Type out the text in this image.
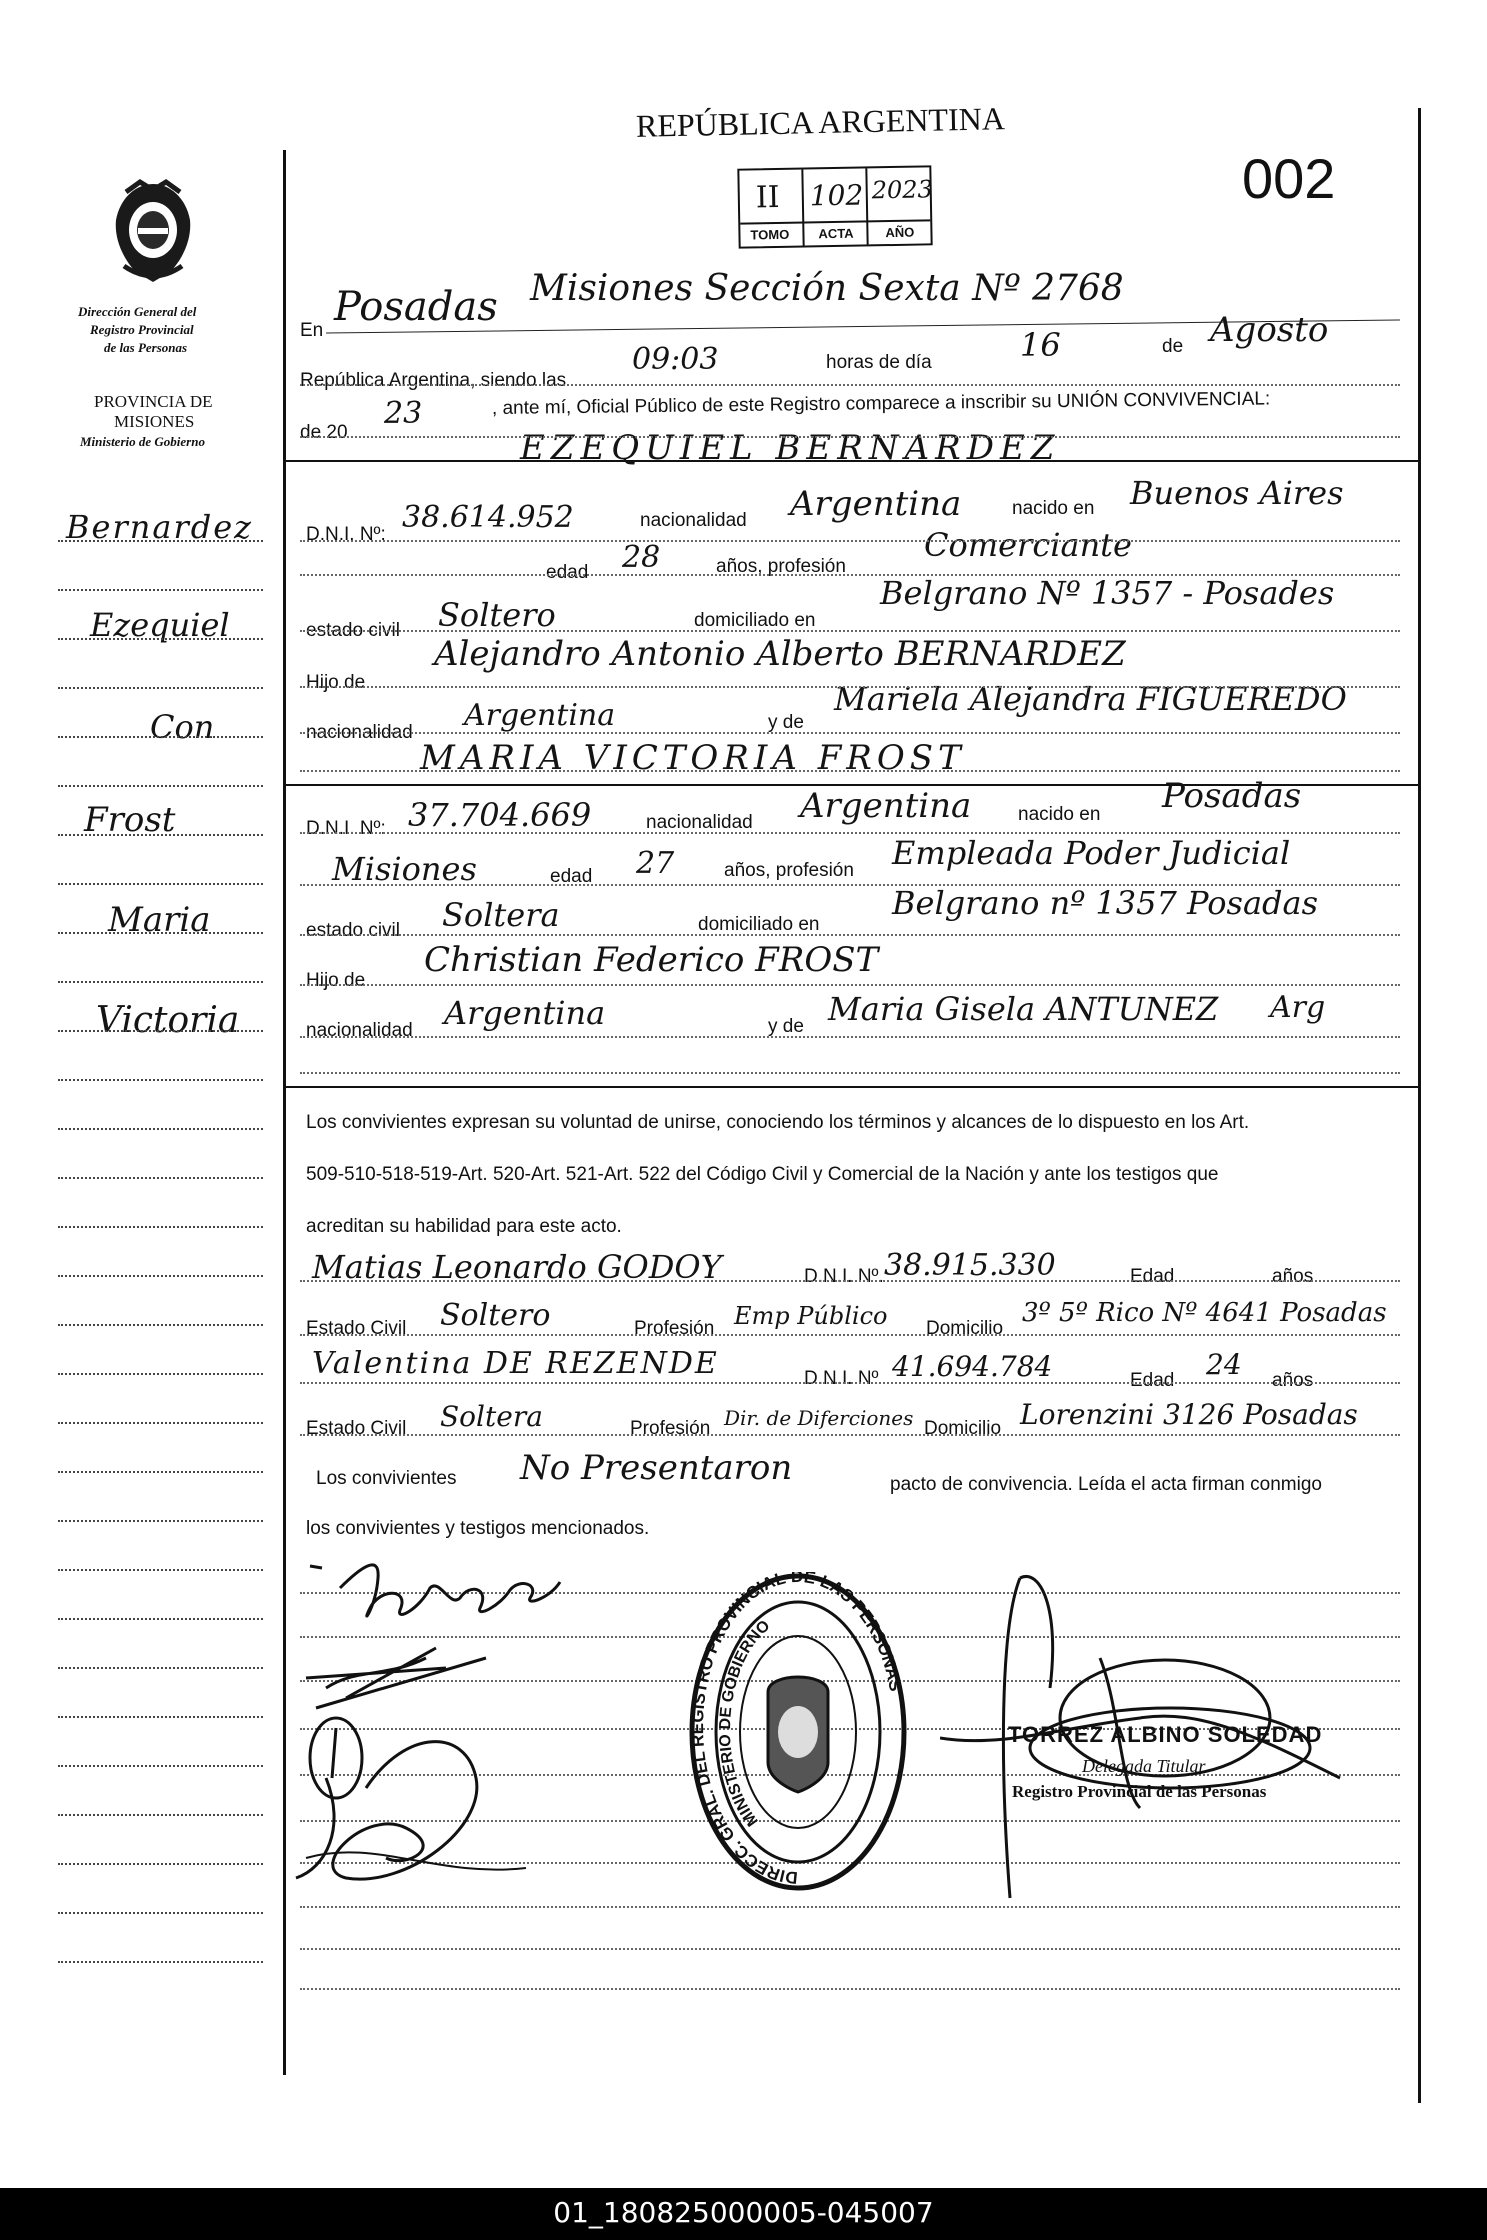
REPÚBLICA ARGENTINA
002
II 102 2023
TOMO ACTA AÑO
Dirección General del
Registro Provincial
de las Personas
PROVINCIA DE
MISIONES
Ministerio de Gobierno
Bernardez
Ezequiel
Con
Frost
Maria
Victoria
En
Posadas Misiones Sección Sexta Nº 2768
República Argentina, siendo las
09:03	horas de día	16	de Agosto
de 20
23	, ante mí, Oficial Público de este Registro comparece a inscribir su UNIÓN CONVIVENCIAL:
EZEQUIEL BERNARDEZ
D.N.I. Nº: 38.614.952	nacionalidad Argentina	nacido en Buenos Aires
edad 28	años, profesión
Comerciante
estado civil Soltero	domiciliado en
Belgrano Nº 1357 - Posades
Hijo de
Alejandro Antonio Alberto BERNARDEZ
nacionalidad Argentina	y de
Mariela Alejandra FIGUEREDO
MARIA VICTORIA FROST
D.N.I. Nº: 37.704.669	nacionalidad Argentina nacido en Posadas
Misiones	edad 27	años, profesión Empleada Poder Judicial
estado civil Soltera	domiciliado en
Belgrano nº 1357 Posadas
Hijo de
Christian Federico FROST
nacionalidad Argentina	y de Maria Gisela ANTUNEZ Arg
Los convivientes expresan su voluntad de unirse, conociendo los términos y alcances de lo dispuesto en los Art.
509-510-518-519-Art. 520-Art. 521-Art. 522 del Código Civil y Comercial de la Nación y ante los testigos que
acreditan su habilidad para este acto.
Matias Leonardo GODOY	D.N.I. Nº. 38.915.330	Edad	años
Estado Civil Soltero	Profesión Emp Público Domicilio
3º 5º Rico Nº 4641 Posadas
Valentina DE REZENDE	D.N.I. Nº 41.694.784	Edad 24 años
Estado Civil Soltera	Profesión Dir. de Diferciones Domicilio Lorenzini 3126 Posadas
Los convivientes No Presentaron	pacto de convivencia. Leída el acta firman conmigo
los convivientes y testigos mencionados.
DIRECC. GRAL. DEL REGISTRO PROVINCIAL DE LAS PERSONAS
MINISTERIO DE GOBIERNO
TORREZ ALBINO SOLEDAD
Delegada Titular
Registro Provincial de las Personas
01_180825000005-045007
